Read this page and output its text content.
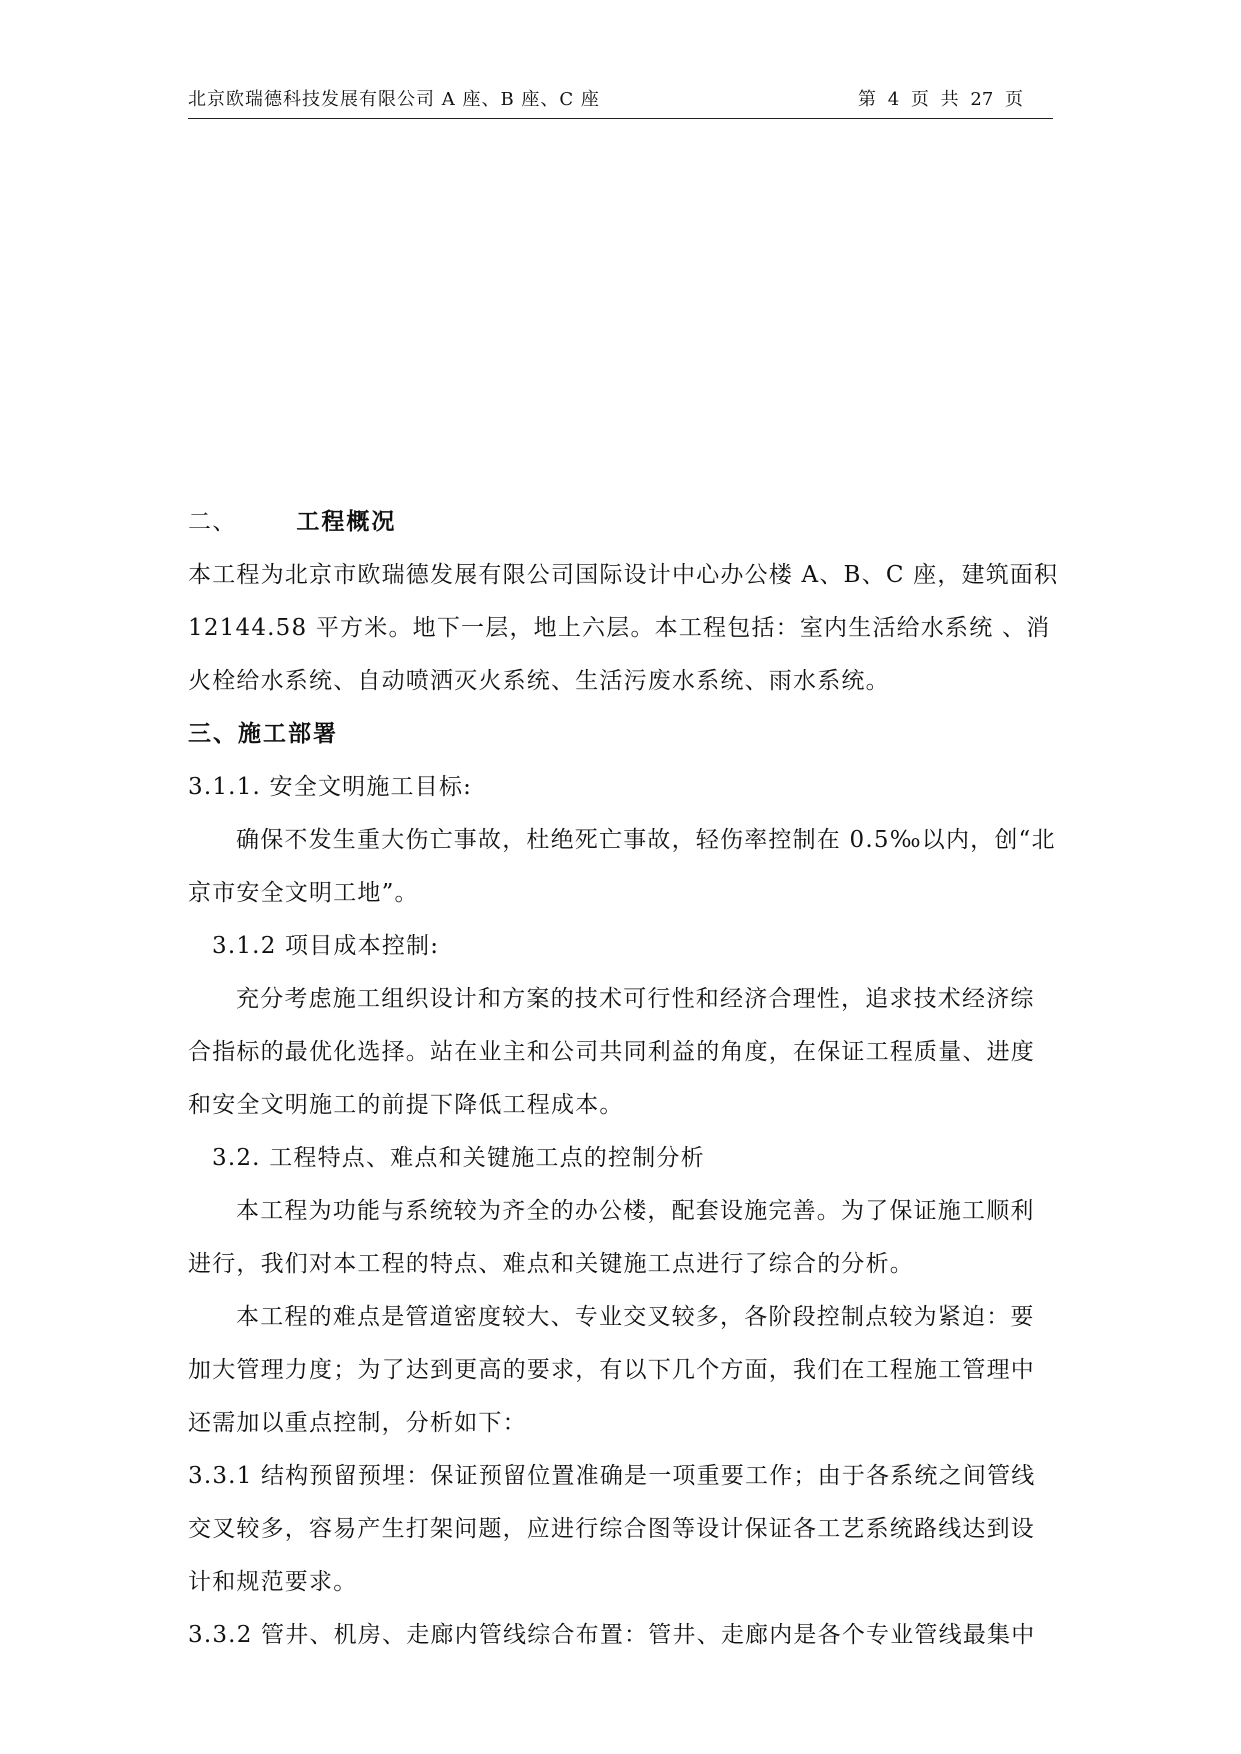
北京欧瑞德科技发展有限公司 A 座、B 座、C 座	第 4 页 共 27 页
二、	工程概况
本工程为北京市欧瑞德发展有限公司国际设计中心办公楼 A、B、C 座，建筑面积
12144.58 平方米。地下一层，地上六层。本工程包括：室内生活给水系统 、消
火栓给水系统、自动喷洒灭火系统、生活污废水系统、雨水系统。
三、施工部署
3.1.1. 安全文明施工目标:
确保不发生重大伤亡事故，杜绝死亡事故，轻伤率控制在 0.5‰以内，创“北
京市安全文明工地”。
3.1.2 项目成本控制:
充分考虑施工组织设计和方案的技术可行性和经济合理性，追求技术经济综
合指标的最优化选择。站在业主和公司共同利益的角度，在保证工程质量、进度
和安全文明施工的前提下降低工程成本。
3.2. 工程特点、难点和关键施工点的控制分析
本工程为功能与系统较为齐全的办公楼，配套设施完善。为了保证施工顺利
进行，我们对本工程的特点、难点和关键施工点进行了综合的分析。
本工程的难点是管道密度较大、专业交叉较多，各阶段控制点较为紧迫：要
加大管理力度；为了达到更高的要求，有以下几个方面，我们在工程施工管理中
还需加以重点控制，分析如下：
3.3.1 结构预留预埋：保证预留位置准确是一项重要工作；由于各系统之间管线
交叉较多，容易产生打架问题，应进行综合图等设计保证各工艺系统路线达到设
计和规范要求。
3.3.2 管井、机房、走廊内管线综合布置：管井、走廊内是各个专业管线最集中
